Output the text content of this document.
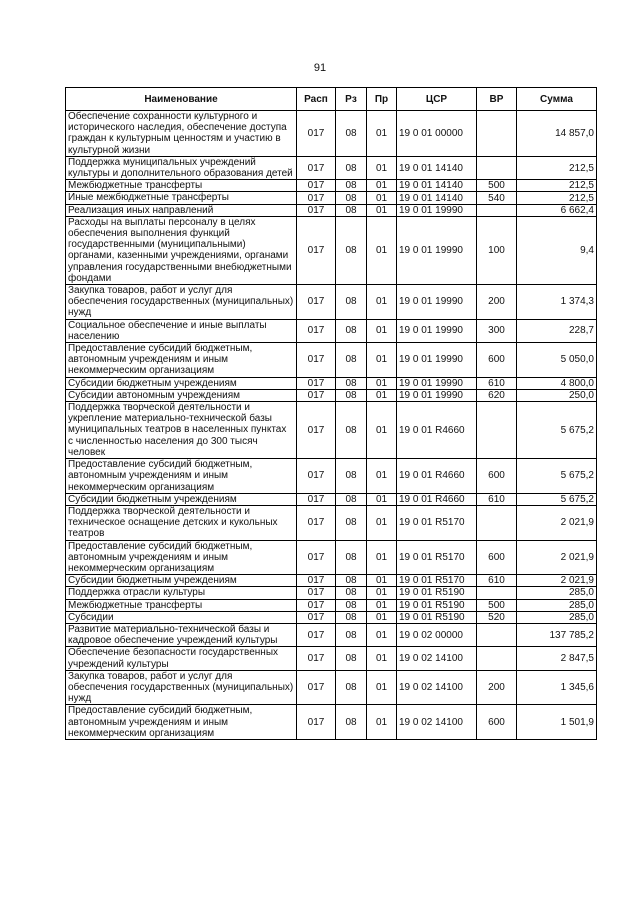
91
Наименование	Расп	Рз	Пр	ЦСР	ВР	Сумма
Обеспечение сохранности культурного и исторического наследия, обеспечение доступа граждан к культурным ценностям и участию в культурной жизни	017	08	01	19 0 01 00000		14 857,0
Поддержка муниципальных учреждений культуры и дополнительного образования детей	017	08	01	19 0 01 14140		212,5
Межбюджетные трансферты	017	08	01	19 0 01 14140	500	212,5
Иные межбюджетные трансферты	017	08	01	19 0 01 14140	540	212,5
Реализация иных направлений	017	08	01	19 0 01 19990		6 662,4
Расходы на выплаты персоналу в целях обеспечения выполнения функций государственными (муниципальными) органами, казенными учреждениями, органами управления государственными внебюджетными фондами	017	08	01	19 0 01 19990	100	9,4
Закупка товаров, работ и услуг для обеспечения государственных (муниципальных) нужд	017	08	01	19 0 01 19990	200	1 374,3
Социальное обеспечение и иные выплаты населению	017	08	01	19 0 01 19990	300	228,7
Предоставление субсидий бюджетным, автономным учреждениям и иным некоммерческим организациям	017	08	01	19 0 01 19990	600	5 050,0
Субсидии бюджетным учреждениям	017	08	01	19 0 01 19990	610	4 800,0
Субсидии автономным учреждениям	017	08	01	19 0 01 19990	620	250,0
Поддержка творческой деятельности и укрепление материально-технической базы муниципальных театров в населенных пунктах с численностью населения до 300 тысяч человек	017	08	01	19 0 01 R4660		5 675,2
Предоставление субсидий бюджетным, автономным учреждениям и иным некоммерческим организациям	017	08	01	19 0 01 R4660	600	5 675,2
Субсидии бюджетным учреждениям	017	08	01	19 0 01 R4660	610	5 675,2
Поддержка творческой деятельности и техническое оснащение детских и кукольных театров	017	08	01	19 0 01 R5170		2 021,9
Предоставление субсидий бюджетным, автономным учреждениям и иным некоммерческим организациям	017	08	01	19 0 01 R5170	600	2 021,9
Субсидии бюджетным учреждениям	017	08	01	19 0 01 R5170	610	2 021,9
Поддержка отрасли культуры	017	08	01	19 0 01 R5190		285,0
Межбюджетные трансферты	017	08	01	19 0 01 R5190	500	285,0
Субсидии	017	08	01	19 0 01 R5190	520	285,0
Развитие материально-технической базы и кадровое обеспечение учреждений культуры	017	08	01	19 0 02 00000		137 785,2
Обеспечение безопасности государственных учреждений культуры	017	08	01	19 0 02 14100		2 847,5
Закупка товаров, работ и услуг для обеспечения государственных (муниципальных) нужд	017	08	01	19 0 02 14100	200	1 345,6
Предоставление субсидий бюджетным, автономным учреждениям и иным некоммерческим организациям	017	08	01	19 0 02 14100	600	1 501,9
